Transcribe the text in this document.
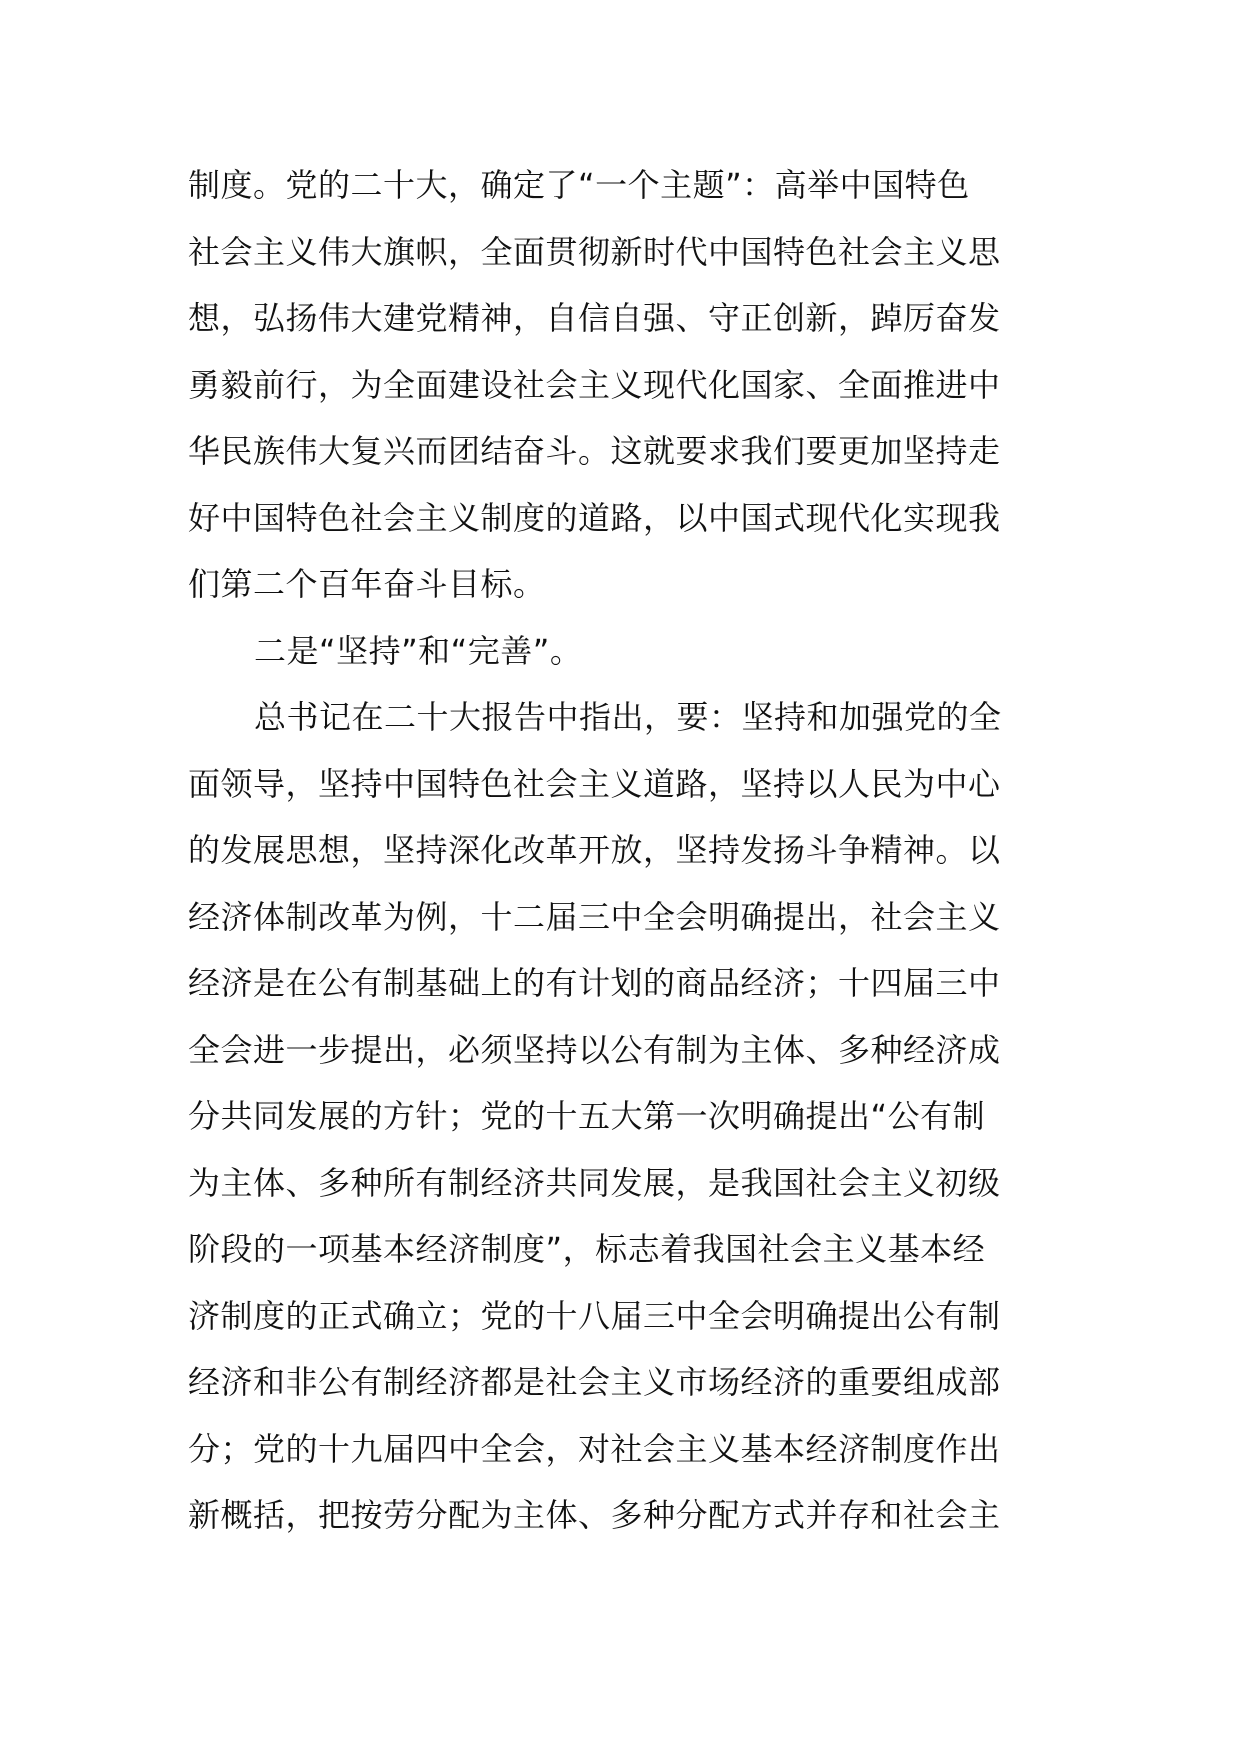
制度。党的二十大，确定了“一个主题”：高举中国特色
社会主义伟大旗帜，全面贯彻新时代中国特色社会主义思
想，弘扬伟大建党精神，自信自强、守正创新，踔厉奋发
勇毅前行，为全面建设社会主义现代化国家、全面推进中
华民族伟大复兴而团结奋斗。这就要求我们要更加坚持走
好中国特色社会主义制度的道路，以中国式现代化实现我
们第二个百年奋斗目标。
二是“坚持”和“完善”。
总书记在二十大报告中指出，要：坚持和加强党的全
面领导，坚持中国特色社会主义道路，坚持以人民为中心
的发展思想，坚持深化改革开放，坚持发扬斗争精神。以
经济体制改革为例，十二届三中全会明确提出，社会主义
经济是在公有制基础上的有计划的商品经济；十四届三中
全会进一步提出，必须坚持以公有制为主体、多种经济成
分共同发展的方针；党的十五大第一次明确提出“公有制
为主体、多种所有制经济共同发展，是我国社会主义初级
阶段的一项基本经济制度”，标志着我国社会主义基本经
济制度的正式确立；党的十八届三中全会明确提出公有制
经济和非公有制经济都是社会主义市场经济的重要组成部
分；党的十九届四中全会，对社会主义基本经济制度作出
新概括，把按劳分配为主体、多种分配方式并存和社会主
